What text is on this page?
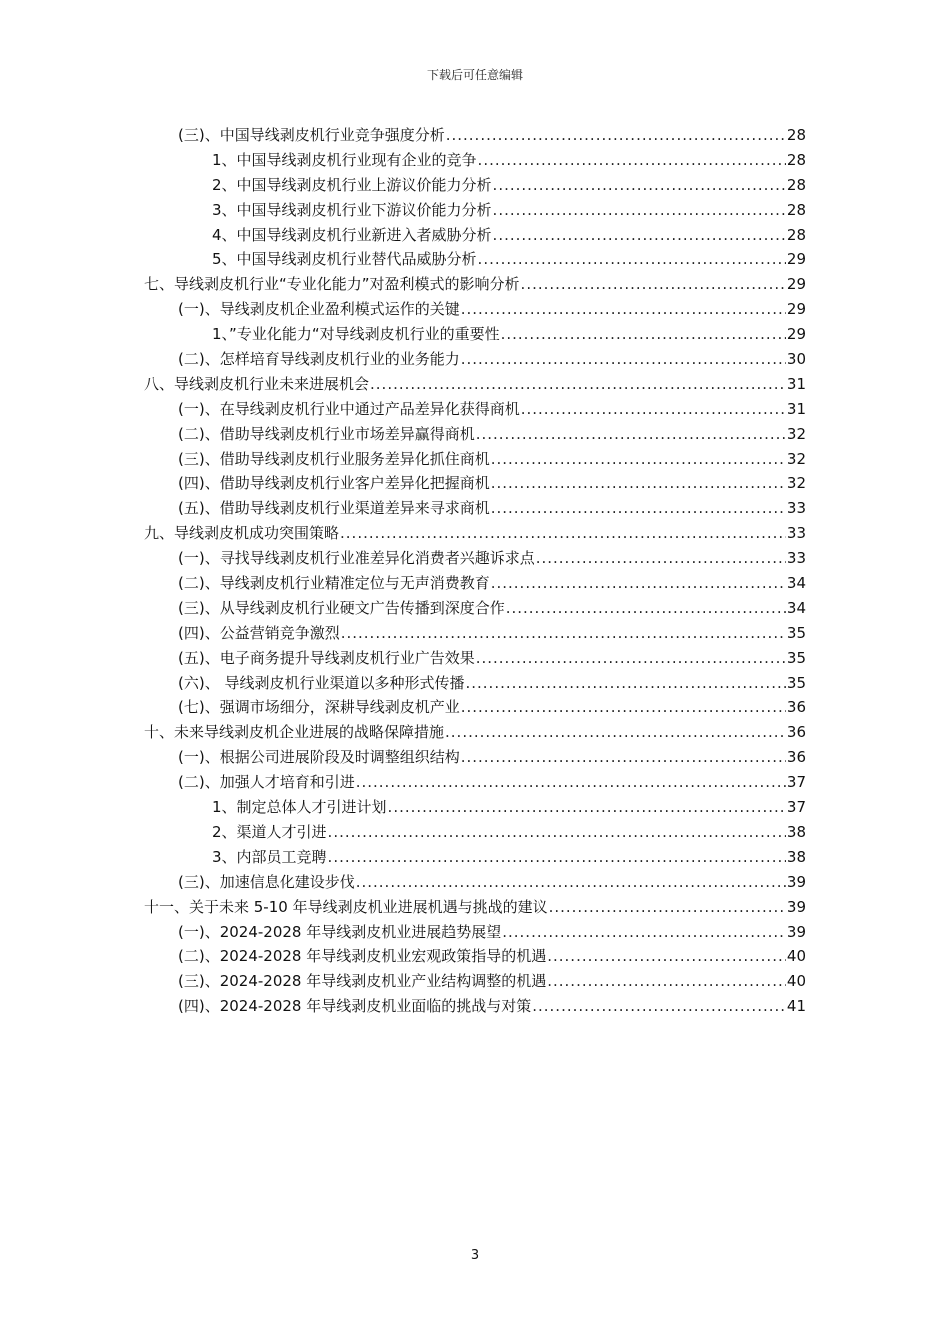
下载后可任意编辑
(三)、中国导线剥皮机行业竞争强度分析 .....	28
1、中国导线剥皮机行业现有企业的竞争 .....	28
2、中国导线剥皮机行业上游议价能力分析 .....	28
3、中国导线剥皮机行业下游议价能力分析 .....	28
4、中国导线剥皮机行业新进入者威胁分析 .....	28
5、中国导线剥皮机行业替代品威胁分析 .....	29
七、导线剥皮机行业“专业化能力”对盈利模式的影响分析 .....	29
(一)、导线剥皮机企业盈利模式运作的关键 .....	29
1、”专业化能力“对导线剥皮机行业的重要性 .....	29
(二)、怎样培育导线剥皮机行业的业务能力 .....	30
八、导线剥皮机行业未来进展机会 .....	31
(一)、在导线剥皮机行业中通过产品差异化获得商机 .....	31
(二)、借助导线剥皮机行业市场差异赢得商机 .....	32
(三)、借助导线剥皮机行业服务差异化抓住商机 .....	32
(四)、借助导线剥皮机行业客户差异化把握商机 .....	32
(五)、借助导线剥皮机行业渠道差异来寻求商机 .....	33
九、导线剥皮机成功突围策略 .....	33
(一)、寻找导线剥皮机行业准差异化消费者兴趣诉求点 .....	33
(二)、导线剥皮机行业精准定位与无声消费教育 .....	34
(三)、从导线剥皮机行业硬文广告传播到深度合作 .....	34
(四)、公益营销竞争激烈 .....	35
(五)、电子商务提升导线剥皮机行业广告效果 .....	35
(六)、 导线剥皮机行业渠道以多种形式传播 .....	35
(七)、强调市场细分，深耕导线剥皮机产业 .....	36
十、未来导线剥皮机企业进展的战略保障措施 .....	36
(一)、根据公司进展阶段及时调整组织结构 .....	36
(二)、加强人才培育和引进 .....	37
1、制定总体人才引进计划 .....	37
2、渠道人才引进 .....	38
3、内部员工竞聘 .....	38
(三)、加速信息化建设步伐 .....	39
十一、关于未来 5-10 年导线剥皮机业进展机遇与挑战的建议 .....	39
(一)、2024-2028 年导线剥皮机业进展趋势展望 .....	39
(二)、2024-2028 年导线剥皮机业宏观政策指导的机遇 .....	40
(三)、2024-2028 年导线剥皮机业产业结构调整的机遇 .....	40
(四)、2024-2028 年导线剥皮机业面临的挑战与对策 .....	41
3
